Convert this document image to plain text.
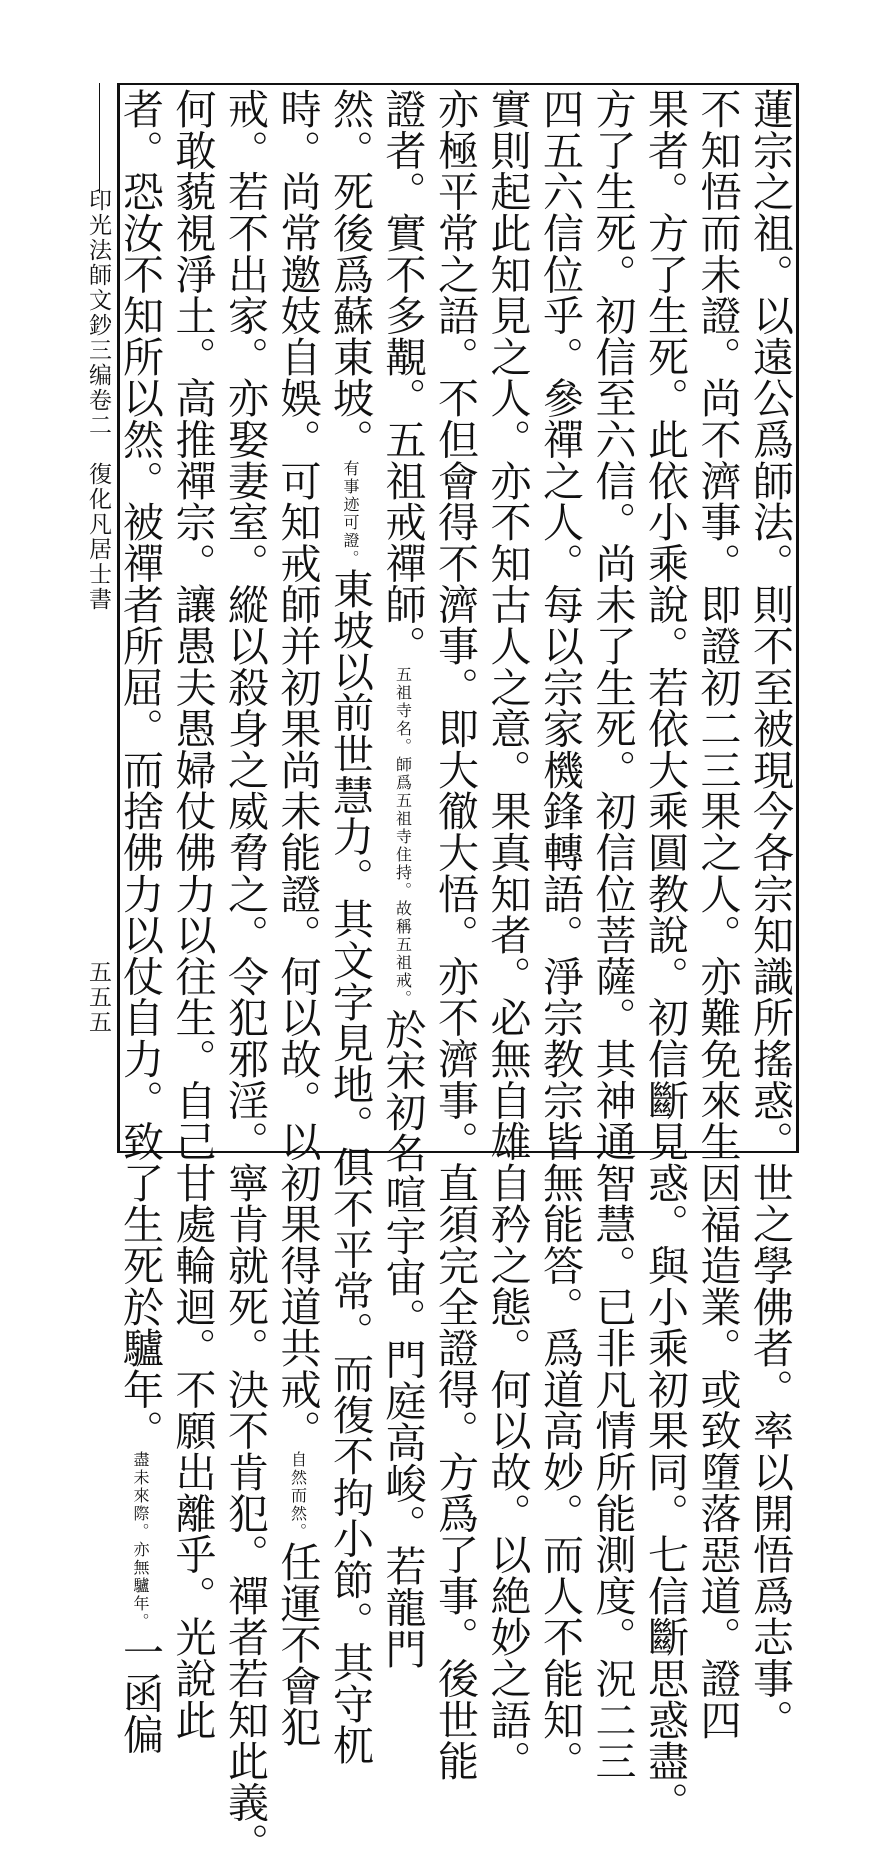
印光法師文鈔三编卷二
復化凡居士書
五五五	蓮宗之祖。以遠公爲師法。則不至被現今各宗知識所搖惑。世之學佛者。率以開悟爲志事。
不知悟而未證。尚不濟事。即證初二三果之人。亦難免來生因福造業。或致墮落惡道。證四
果者。方了生死。此依小乘說。若依大乘圓教說。初信斷見惑。與小乘初果同。七信斷思惑盡。
方了生死。初信至六信。尚未了生死。初信位菩薩。其神通智慧。已非凡情所能測度。況二三
四五六信位乎。參禪之人。每以宗家機鋒轉語。淨宗教宗皆無能答。爲道高妙。而人不能知。
實則起此知見之人。亦不知古人之意。果真知者。必無自雄自矜之態。何以故。以絶妙之語。
亦極平常之語。不但會得不濟事。即大徹大悟。亦不濟事。直須完全證得。方爲了事。後世能
證者。實不多覯。五祖戒禪師。五祖寺名。師爲五祖寺住持。故稱五祖戒。於宋初名喧宇宙。門庭高峻。若龍門
然。死後爲蘇東坡。有事迹可證。東坡以前世慧力。其文字見地。俱不平常。而復不拘小節。其守杌
時。尚常邀妓自娛。可知戒師并初果尚未能證。何以故。以初果得道共戒。自然而然。任運不會犯
戒。若不出家。亦娶妻室。縱以殺身之威脅之。令犯邪淫。寧肯就死。決不肯犯。禪者若知此義。
何敢藐視淨土。高推禪宗。讓愚夫愚婦仗佛力以往生。自己甘處輪迴。不願出離乎。光說此
者。恐汝不知所以然。被禪者所屈。而捨佛力以仗自力。致了生死於驢年。盡未來際。亦無驢年。一函偏
